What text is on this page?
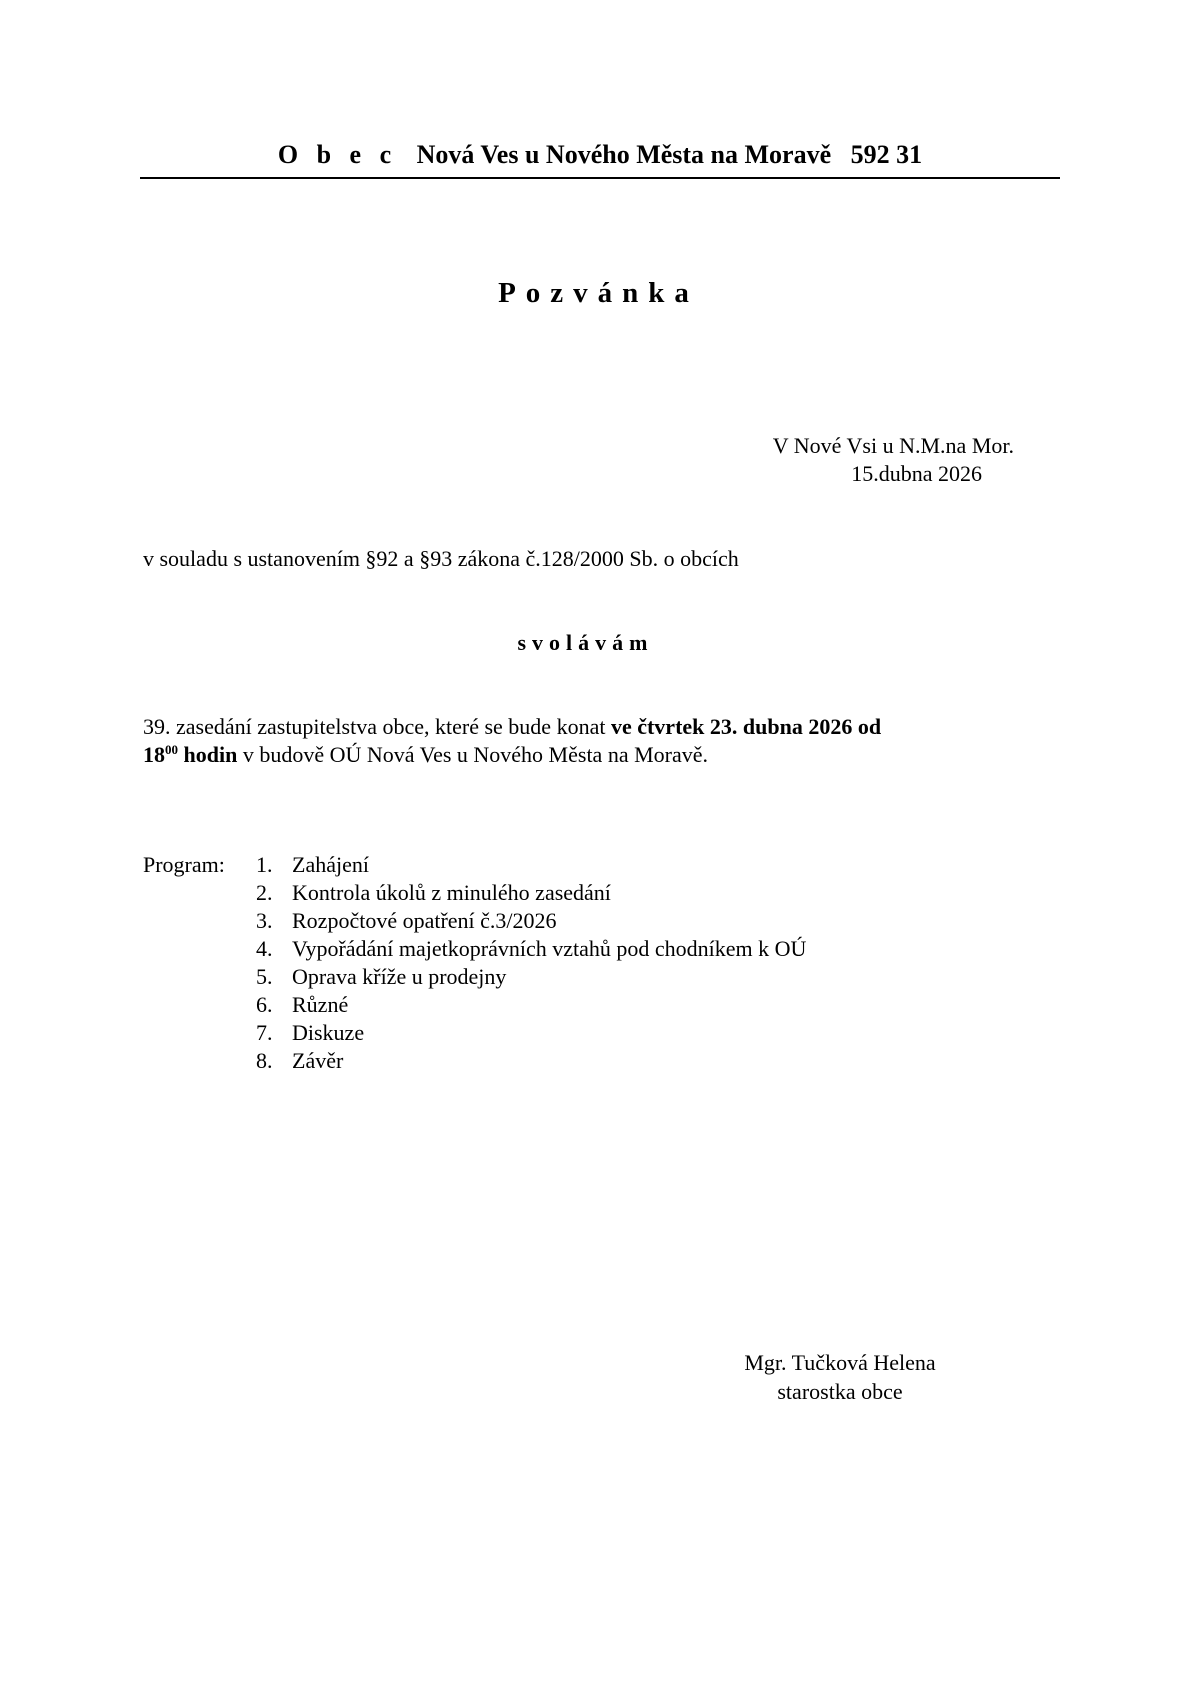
O b e c Nová Ves u Nového Města na Moravě 592 31
Pozvánka
V Nové Vsi u N.M.na Mor.
15.dubna 2026
v souladu s ustanovením §92 a §93 zákona č.128/2000 Sb. o obcích
svolávám
39. zasedání zastupitelstva obce, které se bude konat ve čtvrtek 23. dubna 2026 od
$18^{00}$ hodin v budově OÚ Nová Ves u Nového Města na Moravě.
Program: 1. Zahájení
2. Kontrola úkolů z minulého zasedání
3. Rozpočtové opatření č.3/2026
4. Vypořádání majetkoprávních vztahů pod chodníkem k OÚ
5. Oprava kříže u prodejny
6. Různé
7. Diskuze
8. Závěr
Mgr. Tučková Helena
starostka obce
